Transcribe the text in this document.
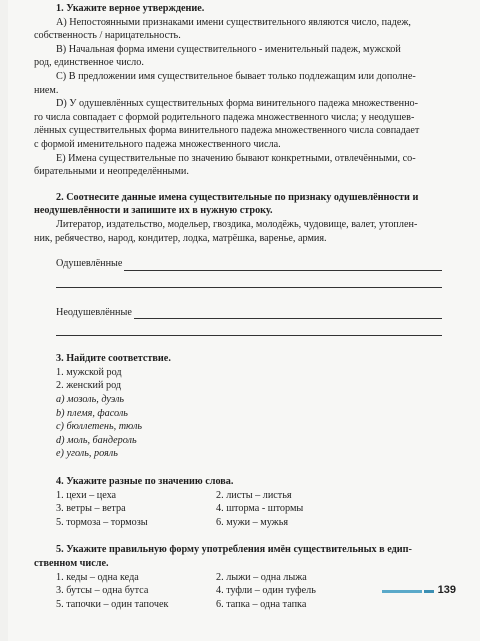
1. Укажите верное утверждение.

А) Непостоянными признаками имени существительного являются число, падеж,

собственность / нарицательность.

В) Начальная форма имени существительного - именительный падеж, мужской

род, единственное число.

С) В предложении имя существительное бывает только подлежащим или дополне-

нием.

D) У одушевлённых существительных форма винительного падежа множественно-

го числа совпадает с формой родительного падежа множественного числа; у неодушев-

лённых существительных форма винительного падежа множественного числа совпадает

с формой именительного падежа множественного числа.

Е) Имена существительные по значению бывают конкретными, отвлечёнными, со-

бирательными и неопределёнными.

2. Соотнесите данные имена существительные по признаку одушевлённости и

неодушевлённости и запишите их в нужную строку.

Литератор, издательство, модельер, гвоздика, молодёжь, чудовище, валет, утоплен-

ник, ребячество, народ, кондитер, лодка, матрёшка, варенье, армия.

Одушевлённые
Неодушевлённые

3. Найдите соответствие.

1. мужской род
2. женский род
а) мозоль, дуэль
b) племя, фасоль
c) бюллетень, тюль
d) моль, бандероль
e) уголь, рояль

4. Укажите разные по значению слова.

1. цехи – цеха	2. листы – листья
3. ветры – ветра	4. шторма - штормы
5. тормоза – тормозы	6. мужи – мужья

5. Укажите правильную форму употребления имён существительных в едип-

ственном числе.

1. кеды – одна кеда	2. лыжи – одна лыжа
3. бутсы – одна бутса	4. туфли – один туфель
5. тапочки – один тапочек	6. тапка – одна тапка
139
